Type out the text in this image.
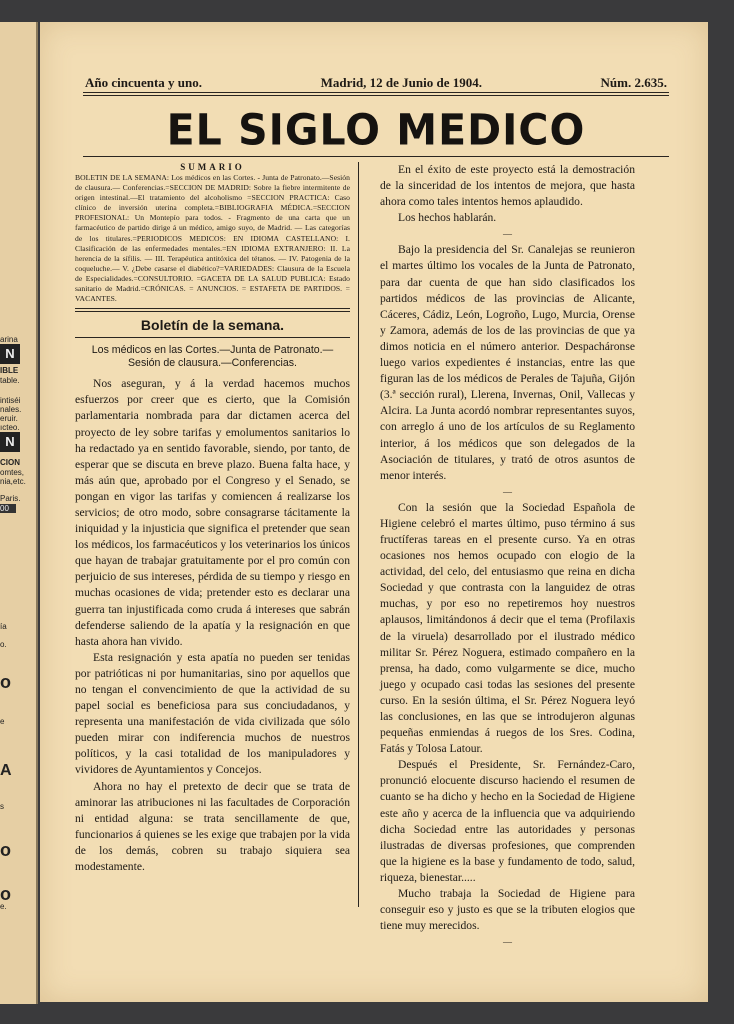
arina
N
IBLE
table.
intiséi
nales.
eruir.
ıcteo.
N
CION
omtes,
nia,etc.
Paris.
00
ía
o.
o
e
A
s
o
o
e.
Año cincuenta y uno.	Madrid, 12 de Junio de 1904.	Núm. 2.635.
EL SIGLO MEDICO
SUMARIO
BOLETIN DE LA SEMANA: Los médicos en las Cortes. - Junta de Patronato.—Sesión de clausura.— Conferencias.=SECCION DE MADRID: Sobre la fiebre intermitente de origen intestinal.—El tratamiento del alcoholismo =SECCION PRACTICA: Caso clínico de inversión uterina completa.=BIBLIOGRAFIA MÉDICA.=SECCION PROFESIONAL: Un Montepío para todos. - Fragmento de una carta que un farmacéutico de partido dirige á un médico, amigo suyo, de Madrid. — Las categorías de los titulares.=PERIODICOS MEDICOS: EN IDIOMA CASTELLANO: I. Clasificación de las enfermedades mentales.=EN IDIOMA EXTRANJERO: II. La herencia de la sífilis. — III. Terapéutica antitóxica del tétanos. — IV. Patogenia de la coqueluche.— V. ¿Debe casarse el diabético?=VARIEDADES: Clausura de la Escuela de Especialidades.=CONSULTORIO. =GACETA DE LA SALUD PUBLICA: Estado sanitario de Madrid.=CRÓNICAS. = ANUNCIOS. = ESTAFETA DE PARTIDOS. = VACANTES.
Boletín de la semana.
Los médicos en las Cortes.—Junta de Patronato.— Sesión de clausura.—Conferencias.

Nos aseguran, y á la verdad hacemos muchos esfuerzos por creer que es cierto, que la Comisión parlamentaria nombrada para dar dictamen acerca del proyecto de ley sobre tarifas y emolumentos sanitarios lo ha redactado ya en sentido favorable, siendo, por tanto, de esperar que se discuta en breve plazo. Buena falta hace, y más aún que, aprobado por el Congreso y el Senado, se pongan en vigor las tarifas y comiencen á realizarse los servicios; de otro modo, sobre consagrarse tácitamente la iniquidad y la injusticia que significa el pretender que sean los médicos, los farmacéuticos y los veterinarios los únicos que hayan de trabajar gratuitamente por el pro común con perjuicio de sus intereses, pérdida de su tiempo y riesgo en muchas ocasiones de vida; pretender esto es declarar una guerra tan injustificada como cruda á intereses que sabrán defenderse saliendo de la apatía y la resignación en que hasta ahora han vivido.

Esta resignación y esta apatía no pueden ser tenidas por patrióticas ni por humanitarias, sino por aquellos que no tengan el convencimiento de que la actividad de su papel social es beneficiosa para sus conciudadanos, y representa una manifestación de vida civilizada que sólo pueden mirar con indiferencia muchos de nuestros políticos, y la casi totalidad de los manipuladores y vividores de Ayuntamientos y Concejos.

Ahora no hay el pretexto de decir que se trata de aminorar las atribuciones ni las facultades de Corporación ni entidad alguna: se trata sencillamente de que, funcionarios á quienes se les exige que trabajen por la vida de los demás, cobren su trabajo siquiera sea modestamente.

En el éxito de este proyecto está la demostración de la sinceridad de los intentos de mejora, que hasta ahora como tales intentos hemos aplaudido.

Los hechos hablarán.

—

Bajo la presidencia del Sr. Canalejas se reunieron el martes último los vocales de la Junta de Patronato, para dar cuenta de que han sido clasificados los partidos médicos de las provincias de Alicante, Cáceres, Cádiz, León, Logroño, Lugo, Murcia, Orense y Zamora, además de los de las provincias de que ya dimos noticia en el número anterior. Despacháronse luego varios expedientes é instancias, entre las que figuran las de los médicos de Perales de Tajuña, Gijón (3.ª sección rural), Llerena, Invernas, Onil, Vallecas y Alcira. La Junta acordó nombrar representantes suyos, con arreglo á uno de los artículos de su Reglamento interior, á los médicos que son delegados de la Asociación de titulares, y trató de otros asuntos de menor interés.

—

Con la sesión que la Sociedad Española de Higiene celebró el martes último, puso término á sus fructíferas tareas en el presente curso. Ya en otras ocasiones nos hemos ocupado con elogio de la actividad, del celo, del entusiasmo que reina en dicha Sociedad y que contrasta con la languidez de otras muchas, y por eso no repetiremos hoy nuestros aplausos, limitándonos á decir que el tema (Profilaxis de la viruela) desarrollado por el ilustrado médico militar Sr. Pérez Noguera, estimado compañero en la prensa, ha dado, como vulgarmente se dice, mucho juego y ocupado casi todas las sesiones del presente curso. En la sesión última, el Sr. Pérez Noguera leyó las conclusiones, en las que se introdujeron algunas pequeñas enmiendas á ruegos de los Sres. Codina, Fatás y Tolosa Latour.

Después el Presidente, Sr. Fernández-Caro, pronunció elocuente discurso haciendo el resumen de cuanto se ha dicho y hecho en la Sociedad de Higiene este año y acerca de la influencia que va adquiriendo dicha Sociedad entre las autoridades y personas ilustradas de diversas profesiones, que comprenden que la higiene es la base y fundamento de todo, salud, riqueza, bienestar.....

Mucho trabaja la Sociedad de Higiene para conseguir eso y justo es que se la tributen elogios que tiene muy merecidos.

—
